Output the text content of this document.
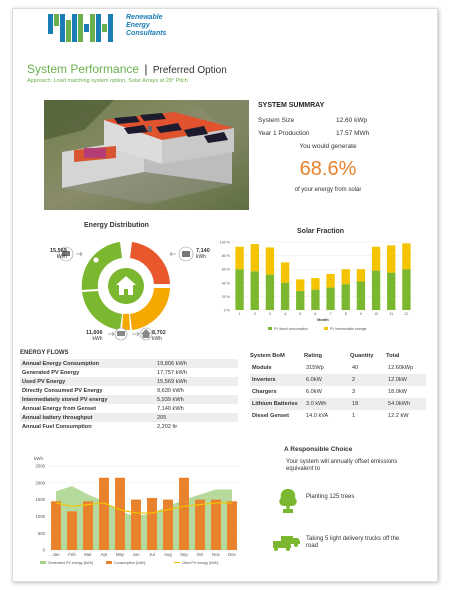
Renewable
Energy
Consultants
System Performance | Preferred Option
Approach: Load matching system option, Solar Arrays at 28° Pitch
SYSTEM SUMMRAY
System Size	12.60 kWp
Year 1 Production	17.57 MWh
You would generate
68.6%
of your energy from solar
Energy Distribution
15,569
kWh
7,140
kWh
11,606
kWh
8,702
kWh
Solar Fraction
100 %
80 %
60 %
40 %
20 %
0 %
1	2	3	4	5	6	7	8	9	10	11	12
Month
PV direct consumption	PV intermediate storage
ENERGY FLOWS
Annual Energy Consumption	19,806 kWh
Generated PV Energy	17,757 kWh
Used PV Energy	15,569 kWh
Directly Consumed PV Energy	9,630 kWh
Intermediately stored PV energy	5,939 kWh
Annual Energy from Genset	7,140 kWh
Annual battery throughput	205
Annual Fuel Consumption	2,202 ltr
System BoM	Rating	Quantity	Total
Module	315Wp	40	12.60kWp
Inverters	6.0kW	2	12.0kW
Chargers	6.0kW	3	18.0kW
Lithium Batteries	3.0 kWh	18	54.0kWh
Diesel Genset	14.0 kVA	1	12.2 kW
kWh
2500
2000
1500
1000
500
0
Jan Feb Mar Apr May Jun Jul Aug Sep Oct Nov Dec
Generated PV energy [kWh]	Consumption [kWh]	Used PV energy [kWh]
A Responsible Choice
Your system will annually offset emissions equivalent to
Planting 125 trees
Taking 5 light delivery trucks off the road
